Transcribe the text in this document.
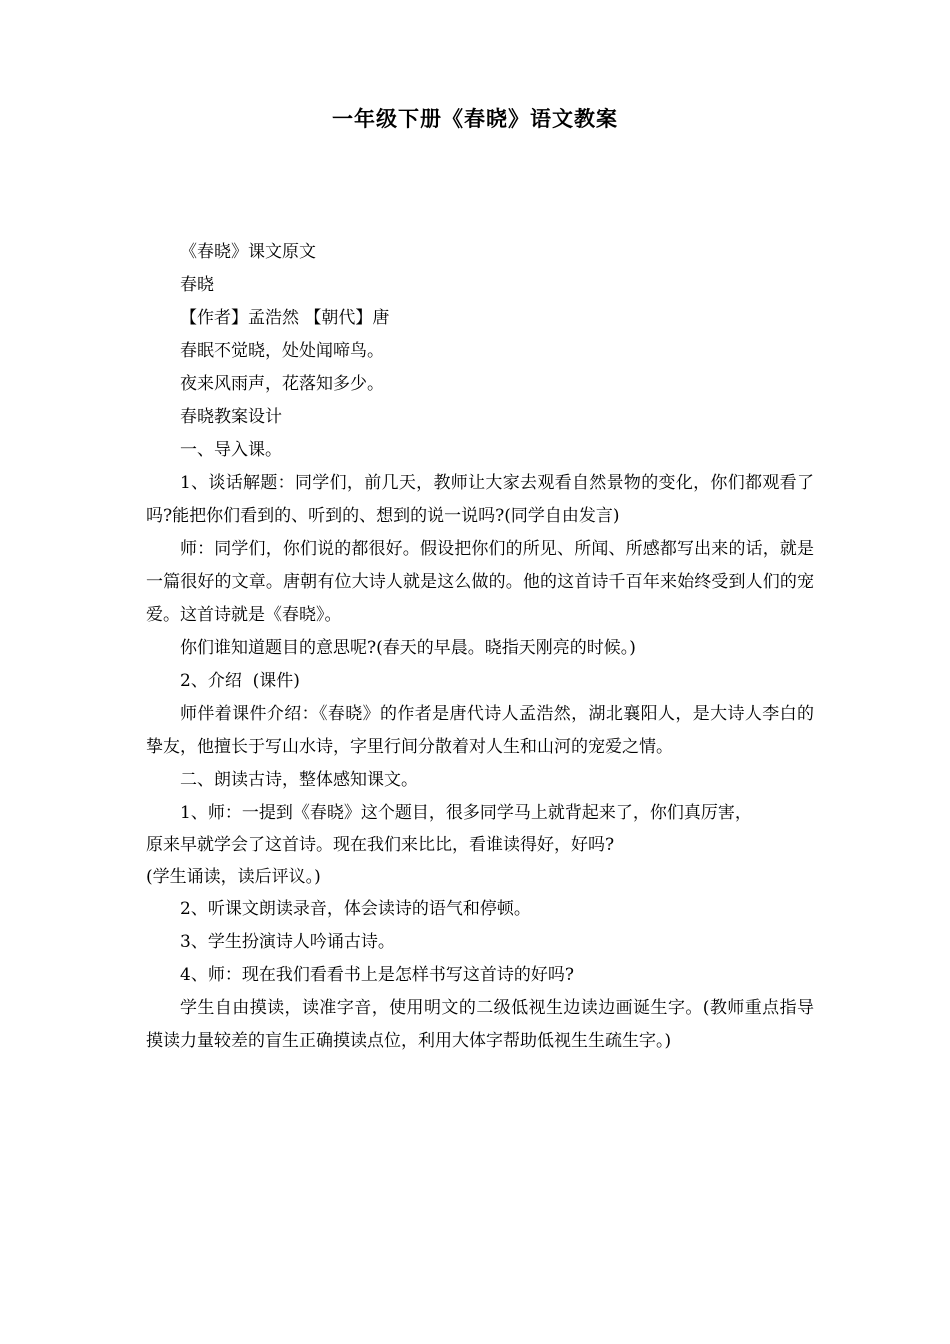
一年级下册《春晓》语文教案

《春晓》课文原文

春晓

【作者】孟浩然 【朝代】唐

春眠不觉晓，处处闻啼鸟。

夜来风雨声，花落知多少。

春晓教案设计

一、导入课。

1、谈话解题：同学们，前几天，教师让大家去观看自然景物的变化，你们都观看了吗?能把你们看到的、听到的、想到的说一说吗?(同学自由发言)

师：同学们，你们说的都很好。假设把你们的所见、所闻、所感都写出来的话，就是一篇很好的文章。唐朝有位大诗人就是这么做的。他的这首诗千百年来始终受到人们的宠爱。这首诗就是《春晓》。

你们谁知道题目的意思呢?(春天的早晨。晓指天刚亮的时候。)

2、介绍  (课件)

师伴着课件介绍：《春晓》的作者是唐代诗人孟浩然，湖北襄阳人，是大诗人李白的挚友，他擅长于写山水诗，字里行间分散着对人生和山河的宠爱之情。

二、朗读古诗，整体感知课文。

1、师：一提到《春晓》这个题目，很多同学马上就背起来了，你们真厉害，

原来早就学会了这首诗。现在我们来比比，看谁读得好，好吗?

(学生诵读，读后评议。)

2、听课文朗读录音，体会读诗的语气和停顿。

3、学生扮演诗人吟诵古诗。

4、师：现在我们看看书上是怎样书写这首诗的好吗?

学生自由摸读，读准字音，使用明文的二级低视生边读边画诞生字。(教师重点指导摸读力量较差的盲生正确摸读点位，利用大体字帮助低视生生疏生字。)
